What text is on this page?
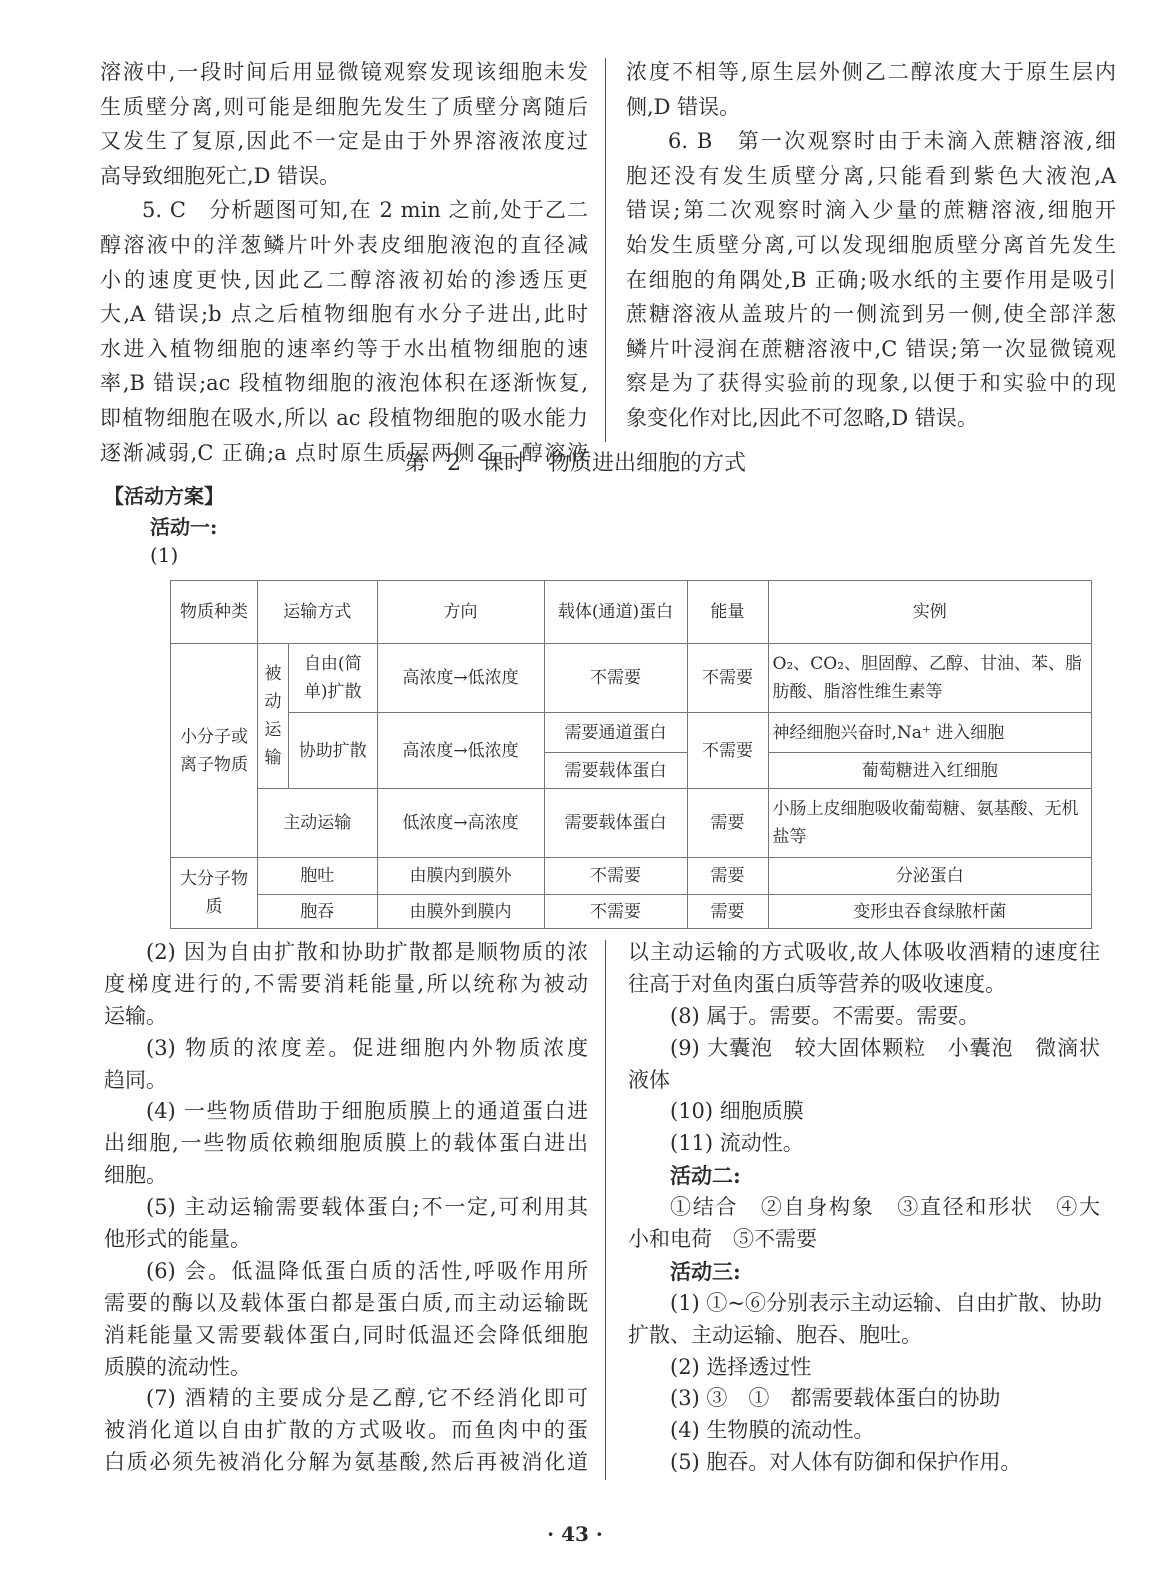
溶液中,一段时间后用显微镜观察发现该细胞未发
生质壁分离,则可能是细胞先发生了质壁分离随后
又发生了复原,因此不一定是由于外界溶液浓度过
高导致细胞死亡,D 错误。
5. C　分析题图可知,在 2 min 之前,处于乙二
醇溶液中的洋葱鳞片叶外表皮细胞液泡的直径减
小的速度更快,因此乙二醇溶液初始的渗透压更
大,A 错误;b 点之后植物细胞有水分子进出,此时
水进入植物细胞的速率约等于水出植物细胞的速
率,B 错误;ac 段植物细胞的液泡体积在逐渐恢复,
即植物细胞在吸水,所以 ac 段植物细胞的吸水能力
逐渐减弱,C 正确;a 点时原生质层两侧乙二醇溶液
浓度不相等,原生层外侧乙二醇浓度大于原生层内
侧,D 错误。
6. B　第一次观察时由于未滴入蔗糖溶液,细
胞还没有发生质壁分离,只能看到紫色大液泡,A
错误;第二次观察时滴入少量的蔗糖溶液,细胞开
始发生质壁分离,可以发现细胞质壁分离首先发生
在细胞的角隅处,B 正确;吸水纸的主要作用是吸引
蔗糖溶液从盖玻片的一侧流到另一侧,使全部洋葱
鳞片叶浸润在蔗糖溶液中,C 错误;第一次显微镜观
察是为了获得实验前的现象,以便于和实验中的现
象变化作对比,因此不可忽略,D 错误。
第 2 课时　物质进出细胞的方式
【活动方案】
活动一:
(1)
物质种类	运输方式		方向	载体(通道)蛋白	能量	实例
小分子或离子物质	被动运输	自由(简单)扩散	高浓度→低浓度	不需要	不需要	O₂、CO₂、胆固醇、乙醇、甘油、苯、脂肪酸、脂溶性维生素等
		协助扩散	高浓度→低浓度	需要通道蛋白	不需要	神经细胞兴奋时,Na⁺ 进入细胞
				需要载体蛋白		葡萄糖进入红细胞
	主动运输		低浓度→高浓度	需要载体蛋白	需要	小肠上皮细胞吸收葡萄糖、氨基酸、无机盐等
大分子物质	胞吐		由膜内到膜外	不需要	需要	分泌蛋白
	胞吞		由膜外到膜内	不需要	需要	变形虫吞食绿脓杆菌
(2) 因为自由扩散和协助扩散都是顺物质的浓
度梯度进行的,不需要消耗能量,所以统称为被动
运输。
(3) 物质的浓度差。促进细胞内外物质浓度
趋同。
(4) 一些物质借助于细胞质膜上的通道蛋白进
出细胞,一些物质依赖细胞质膜上的载体蛋白进出
细胞。
(5) 主动运输需要载体蛋白;不一定,可利用其
他形式的能量。
(6) 会。低温降低蛋白质的活性,呼吸作用所
需要的酶以及载体蛋白都是蛋白质,而主动运输既
消耗能量又需要载体蛋白,同时低温还会降低细胞
质膜的流动性。
(7) 酒精的主要成分是乙醇,它不经消化即可
被消化道以自由扩散的方式吸收。而鱼肉中的蛋
白质必须先被消化分解为氨基酸,然后再被消化道
以主动运输的方式吸收,故人体吸收酒精的速度往
往高于对鱼肉蛋白质等营养的吸收速度。
(8) 属于。需要。不需要。需要。
(9) 大囊泡　较大固体颗粒　小囊泡　微滴状
液体
(10) 细胞质膜
(11) 流动性。
活动二:
①结合　②自身构象　③直径和形状　④大
小和电荷　⑤不需要
活动三:
(1) ①~⑥分别表示主动运输、自由扩散、协助
扩散、主动运输、胞吞、胞吐。
(2) 选择透过性
(3) ③　①　都需要载体蛋白的协助
(4) 生物膜的流动性。
(5) 胞吞。对人体有防御和保护作用。
· 43 ·
